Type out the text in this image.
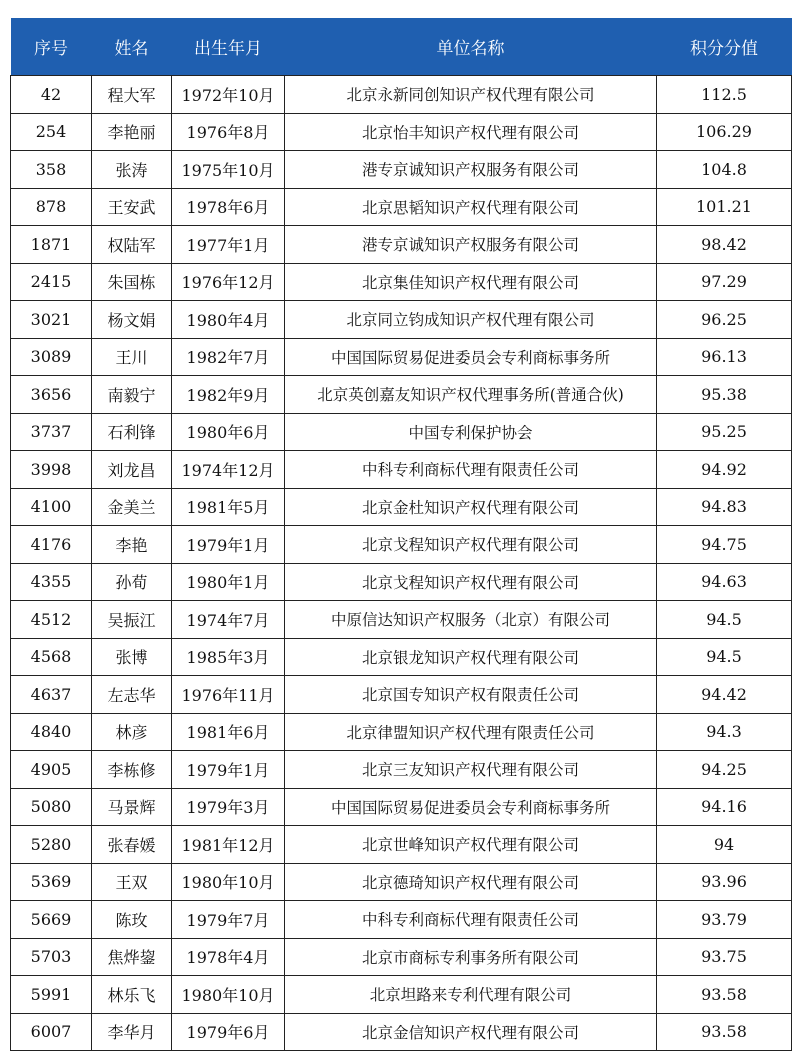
序号	姓名	出生年月	单位名称	积分分值
42	程大军	1972年10月	北京永新同创知识产权代理有限公司	112.5
254	李艳丽	1976年8月	北京怡丰知识产权代理有限公司	106.29
358	张涛	1975年10月	港专京诚知识产权服务有限公司	104.8
878	王安武	1978年6月	北京思韬知识产权代理有限公司	101.21
1871	权陆军	1977年1月	港专京诚知识产权服务有限公司	98.42
2415	朱国栋	1976年12月	北京集佳知识产权代理有限公司	97.29
3021	杨文娟	1980年4月	北京同立钧成知识产权代理有限公司	96.25
3089	王川	1982年7月	中国国际贸易促进委员会专利商标事务所	96.13
3656	南毅宁	1982年9月	北京英创嘉友知识产权代理事务所(普通合伙)	95.38
3737	石利锋	1980年6月	中国专利保护协会	95.25
3998	刘龙昌	1974年12月	中科专利商标代理有限责任公司	94.92
4100	金美兰	1981年5月	北京金杜知识产权代理有限公司	94.83
4176	李艳	1979年1月	北京戈程知识产权代理有限公司	94.75
4355	孙荀	1980年1月	北京戈程知识产权代理有限公司	94.63
4512	吴振江	1974年7月	中原信达知识产权服务（北京）有限公司	94.5
4568	张博	1985年3月	北京银龙知识产权代理有限公司	94.5
4637	左志华	1976年11月	北京国专知识产权有限责任公司	94.42
4840	林彦	1981年6月	北京律盟知识产权代理有限责任公司	94.3
4905	李栋修	1979年1月	北京三友知识产权代理有限公司	94.25
5080	马景辉	1979年3月	中国国际贸易促进委员会专利商标事务所	94.16
5280	张春媛	1981年12月	北京世峰知识产权代理有限公司	94
5369	王双	1980年10月	北京德琦知识产权代理有限公司	93.96
5669	陈玫	1979年7月	中科专利商标代理有限责任公司	93.79
5703	焦烨鋆	1978年4月	北京市商标专利事务所有限公司	93.75
5991	林乐飞	1980年10月	北京坦路来专利代理有限公司	93.58
6007	李华月	1979年6月	北京金信知识产权代理有限公司	93.58
